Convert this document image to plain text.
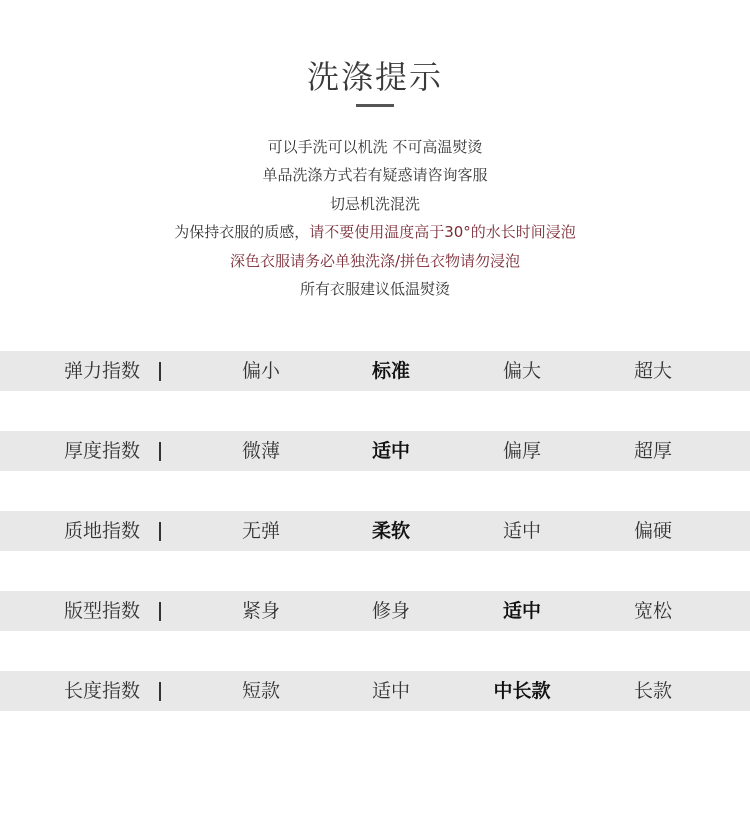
洗涤提示
可以手洗可以机洗 不可高温熨烫
单品洗涤方式若有疑惑请咨询客服
切忌机洗混洗
为保持衣服的质感，请不要使用温度高于30°的水长时间浸泡
深色衣服请务必单独洗涤/拼色衣物请勿浸泡
所有衣服建议低温熨烫
弹力指数	偏小	标准	偏大	超大
厚度指数	微薄	适中	偏厚	超厚
质地指数	无弹	柔软	适中	偏硬
版型指数	紧身	修身	适中	宽松
长度指数	短款	适中	中长款	长款
